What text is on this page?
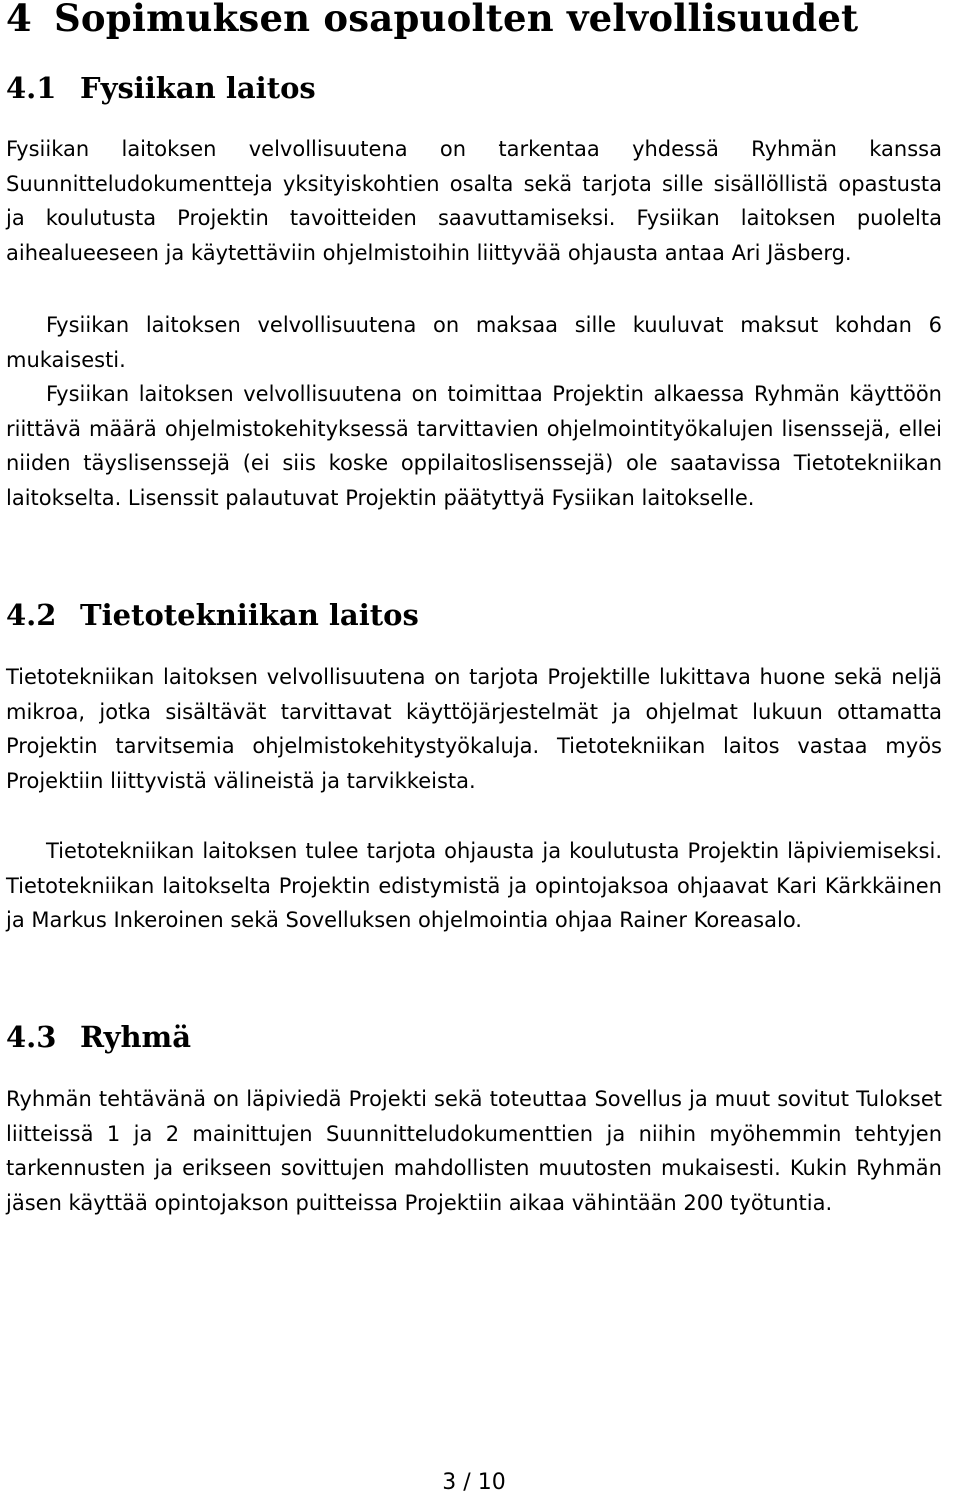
4 Sopimuksen osapuolten velvollisuudet
4.1 Fysiikan laitos

Fysiikan laitoksen velvollisuutena on tarkentaa yhdessä Ryhmän kanssa Suunnitteludokumentteja yksityiskohtien osalta sekä tarjota sille sisällöllistä opastusta ja koulutusta Projektin tavoitteiden saavuttamiseksi. Fysiikan laitoksen puolelta aihealueeseen ja käytettäviin ohjelmistoihin liittyvää ohjausta antaa Ari Jäsberg.

Fysiikan laitoksen velvollisuutena on maksaa sille kuuluvat maksut kohdan 6 mukaisesti.

Fysiikan laitoksen velvollisuutena on toimittaa Projektin alkaessa Ryhmän käyttöön riittävä määrä ohjelmistokehityksessä tarvittavien ohjelmointityökalujen lisenssejä, ellei niiden täyslisenssejä (ei siis koske oppilaitoslisenssejä) ole saatavissa Tietotekniikan laitokselta. Lisenssit palautuvat Projektin päätyttyä Fysiikan laitokselle.

4.2 Tietotekniikan laitos

Tietotekniikan laitoksen velvollisuutena on tarjota Projektille lukittava huone sekä neljä mikroa, jotka sisältävät tarvittavat käyttöjärjestelmät ja ohjelmat lukuun ottamatta Projektin tarvitsemia ohjelmistokehitystyökaluja. Tietotekniikan laitos vastaa myös Projektiin liittyvistä välineistä ja tarvikkeista.

Tietotekniikan laitoksen tulee tarjota ohjausta ja koulutusta Projektin läpiviemiseksi. Tietotekniikan laitokselta Projektin edistymistä ja opintojaksoa ohjaavat Kari Kärkkäinen ja Markus Inkeroinen sekä Sovelluksen ohjelmointia ohjaa Rainer Koreasalo.

4.3 Ryhmä

Ryhmän tehtävänä on läpiviedä Projekti sekä toteuttaa Sovellus ja muut sovitut Tulokset liitteissä 1 ja 2 mainittujen Suunnitteludokumenttien ja niihin myöhemmin tehtyjen tarkennusten ja erikseen sovittujen mahdollisten muutosten mukaisesti. Kukin Ryhmän jäsen käyttää opintojakson puitteissa Projektiin aikaa vähintään 200 työtuntia.

3 / 10
